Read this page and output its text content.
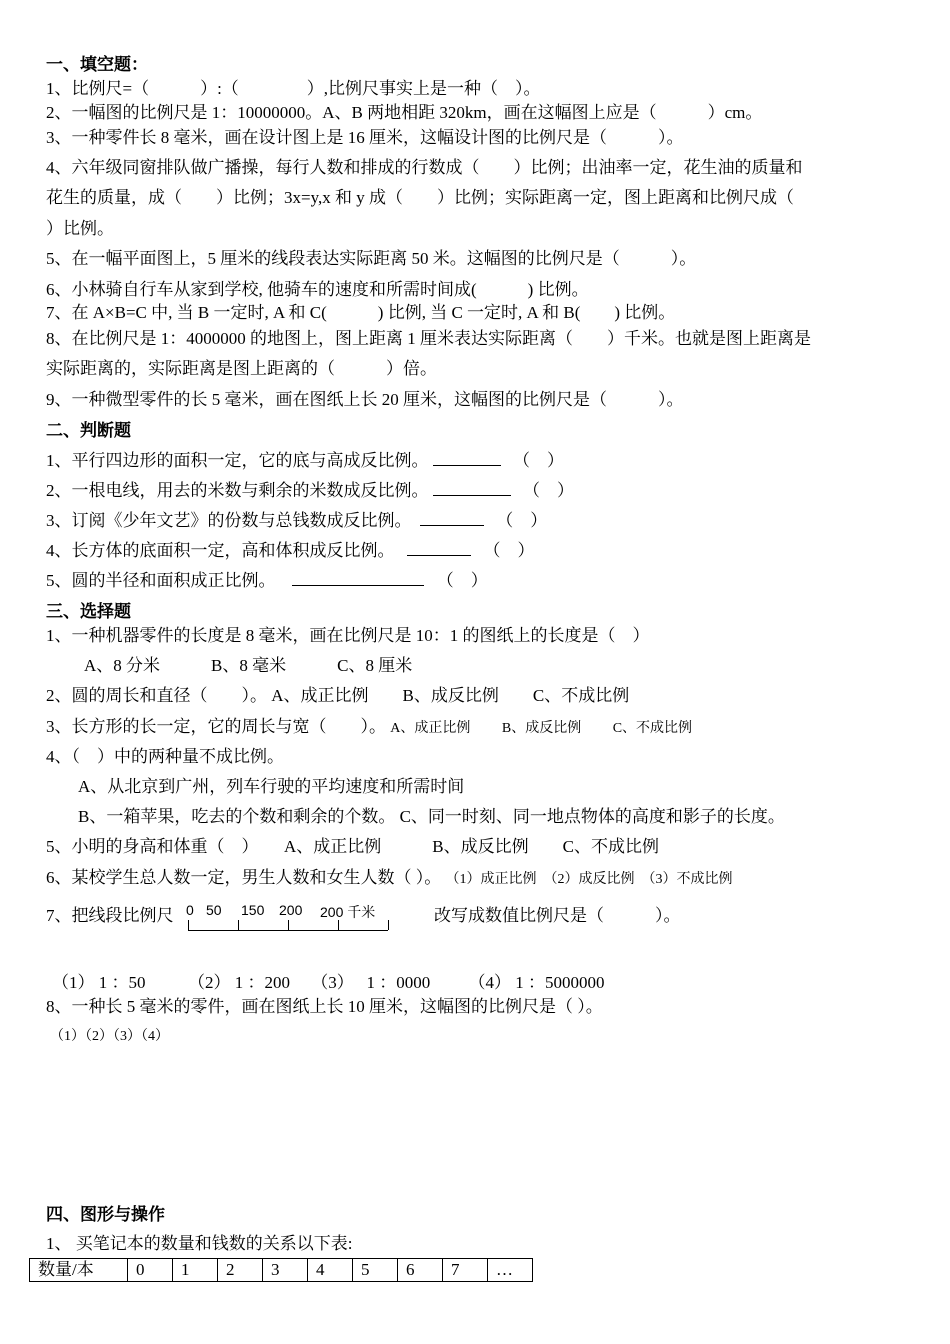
一、填空题：
1、比例尺=（　　　）:（　　　　）,比例尺事实上是一种（　）。
2、一幅图的比例尺是 1：10000000。A、B 两地相距 320km，画在这幅图上应是（　　　）cm。
3、一种零件长 8 毫米，画在设计图上是 16 厘米，这幅设计图的比例尺是（　　　）。
4、六年级同窗排队做广播操，每行人数和排成的行数成（　　）比例；出油率一定，花生油的质量和
花生的质量，成（　　）比例；3x=y,x 和 y 成（　　）比例；实际距离一定，图上距离和比例尺成（
）比例。
5、在一幅平面图上，5 厘米的线段表达实际距离 50 米。这幅图的比例尺是（　　　）。
6、小林骑自行车从家到学校, 他骑车的速度和所需时间成(　　　) 比例。
7、在 A×B=C 中, 当 B 一定时, A 和 C(　　　) 比例, 当 C 一定时, A 和 B(　　) 比例。
8、在比例尺是 1：4000000 的地图上，图上距离 1 厘米表达实际距离（　　）千米。也就是图上距离是
实际距离的，实际距离是图上距离的（　　　）倍。
9、一种微型零件的长 5 毫米，画在图纸上长 20 厘米，这幅图的比例尺是（　　　）。
二、判断题
1、平行四边形的面积一定，它的底与高成反比例。	（　）
2、一根电线，用去的米数与剩余的米数成反比例。	（　）
3、订阅《少年文艺》的份数与总钱数成反比例。	（　）
4、长方体的底面积一定，高和体积成反比例。	（　）
5、圆的半径和面积成正比例。	（　）
三、选择题
1、一种机器零件的长度是 8 毫米，画在比例尺是 10：1 的图纸上的长度是（　）
A、8 分米　　　B、8 毫米　　　C、8 厘米
2、圆的周长和直径（　　）。 A、成正比例　　B、成反比例　　C、不成比例
3、长方形的长一定，它的周长与宽（　　）。 A、成正比例　　 B、成反比例　　 C、不成比例
4、（　）中的两种量不成比例。
A、从北京到广州，列车行驶的平均速度和所需时间
B、一箱苹果，吃去的个数和剩余的个数。 C、同一时刻、同一地点物体的高度和影子的长度。
5、小明的身高和体重（　）　　A、成正比例　　　B、成反比例　　C、不成比例
6、某校学生总人数一定，男生人数和女生人数（ ）。 （1）成正比例　（2）成反比例　（3）不成比例
7、把线段比例尺 0 50 150 200 200 千米	改写成数值比例尺是（　　　）。
（1） 1 ：50　　　（2） 1 ：200　 （3）　 1 ：0000　　 （4） 1 ：5000000
8、一种长 5 毫米的零件，画在图纸上长 10 厘米，这幅图的比例尺是（ ）。
（1）（2）（3）（4）
四、图形与操作
1、 买笔记本的数量和钱数的关系以下表:
数量/本	0	1	2	3	4	5	6	7	…
